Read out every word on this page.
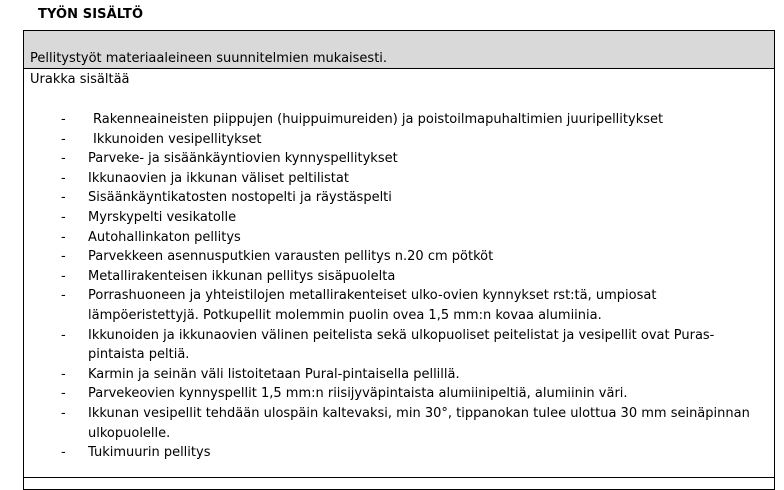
TYÖN SISÄLTÖ
Pellitystyöt materiaaleineen suunnitelmien mukaisesti.
Urakka sisältää
- Rakenneaineisten piippujen (huippuimureiden) ja poistoilmapuhaltimien juuripellitykset
- Ikkunoiden vesipellitykset
- Parveke- ja sisäänkäyntiovien kynnyspellitykset
- Ikkunaovien ja ikkunan väliset peltilistat
- Sisäänkäyntikatosten nostopelti ja räystäspelti
- Myrskypelti vesikatolle
- Autohallinkaton pellitys
- Parvekkeen asennusputkien varausten pellitys n.20 cm pötköt
- Metallirakenteisen ikkunan pellitys sisäpuolelta
- Porrashuoneen ja yhteistilojen metallirakenteiset ulko-ovien kynnykset rst:tä, umpiosat lämpöeristettyjä. Potkupellit molemmin puolin ovea 1,5 mm:n kovaa alumiinia.
- Ikkunoiden ja ikkunaovien välinen peitelista sekä ulkopuoliset peitelistat ja vesipellit ovat Puras-pintaista peltiä.
- Karmin ja seinän väli listoitetaan Pural-pintaisella pellillä.
- Parvekeovien kynnyspellit 1,5 mm:n riisijyväpintaista alumiinipeltiä, alumiinin väri.
- Ikkunan vesipellit tehdään ulospäin kaltevaksi, min 30°, tippanokan tulee ulottua 30 mm seinäpinnan ulkopuolelle.
- Tukimuurin pellitys
